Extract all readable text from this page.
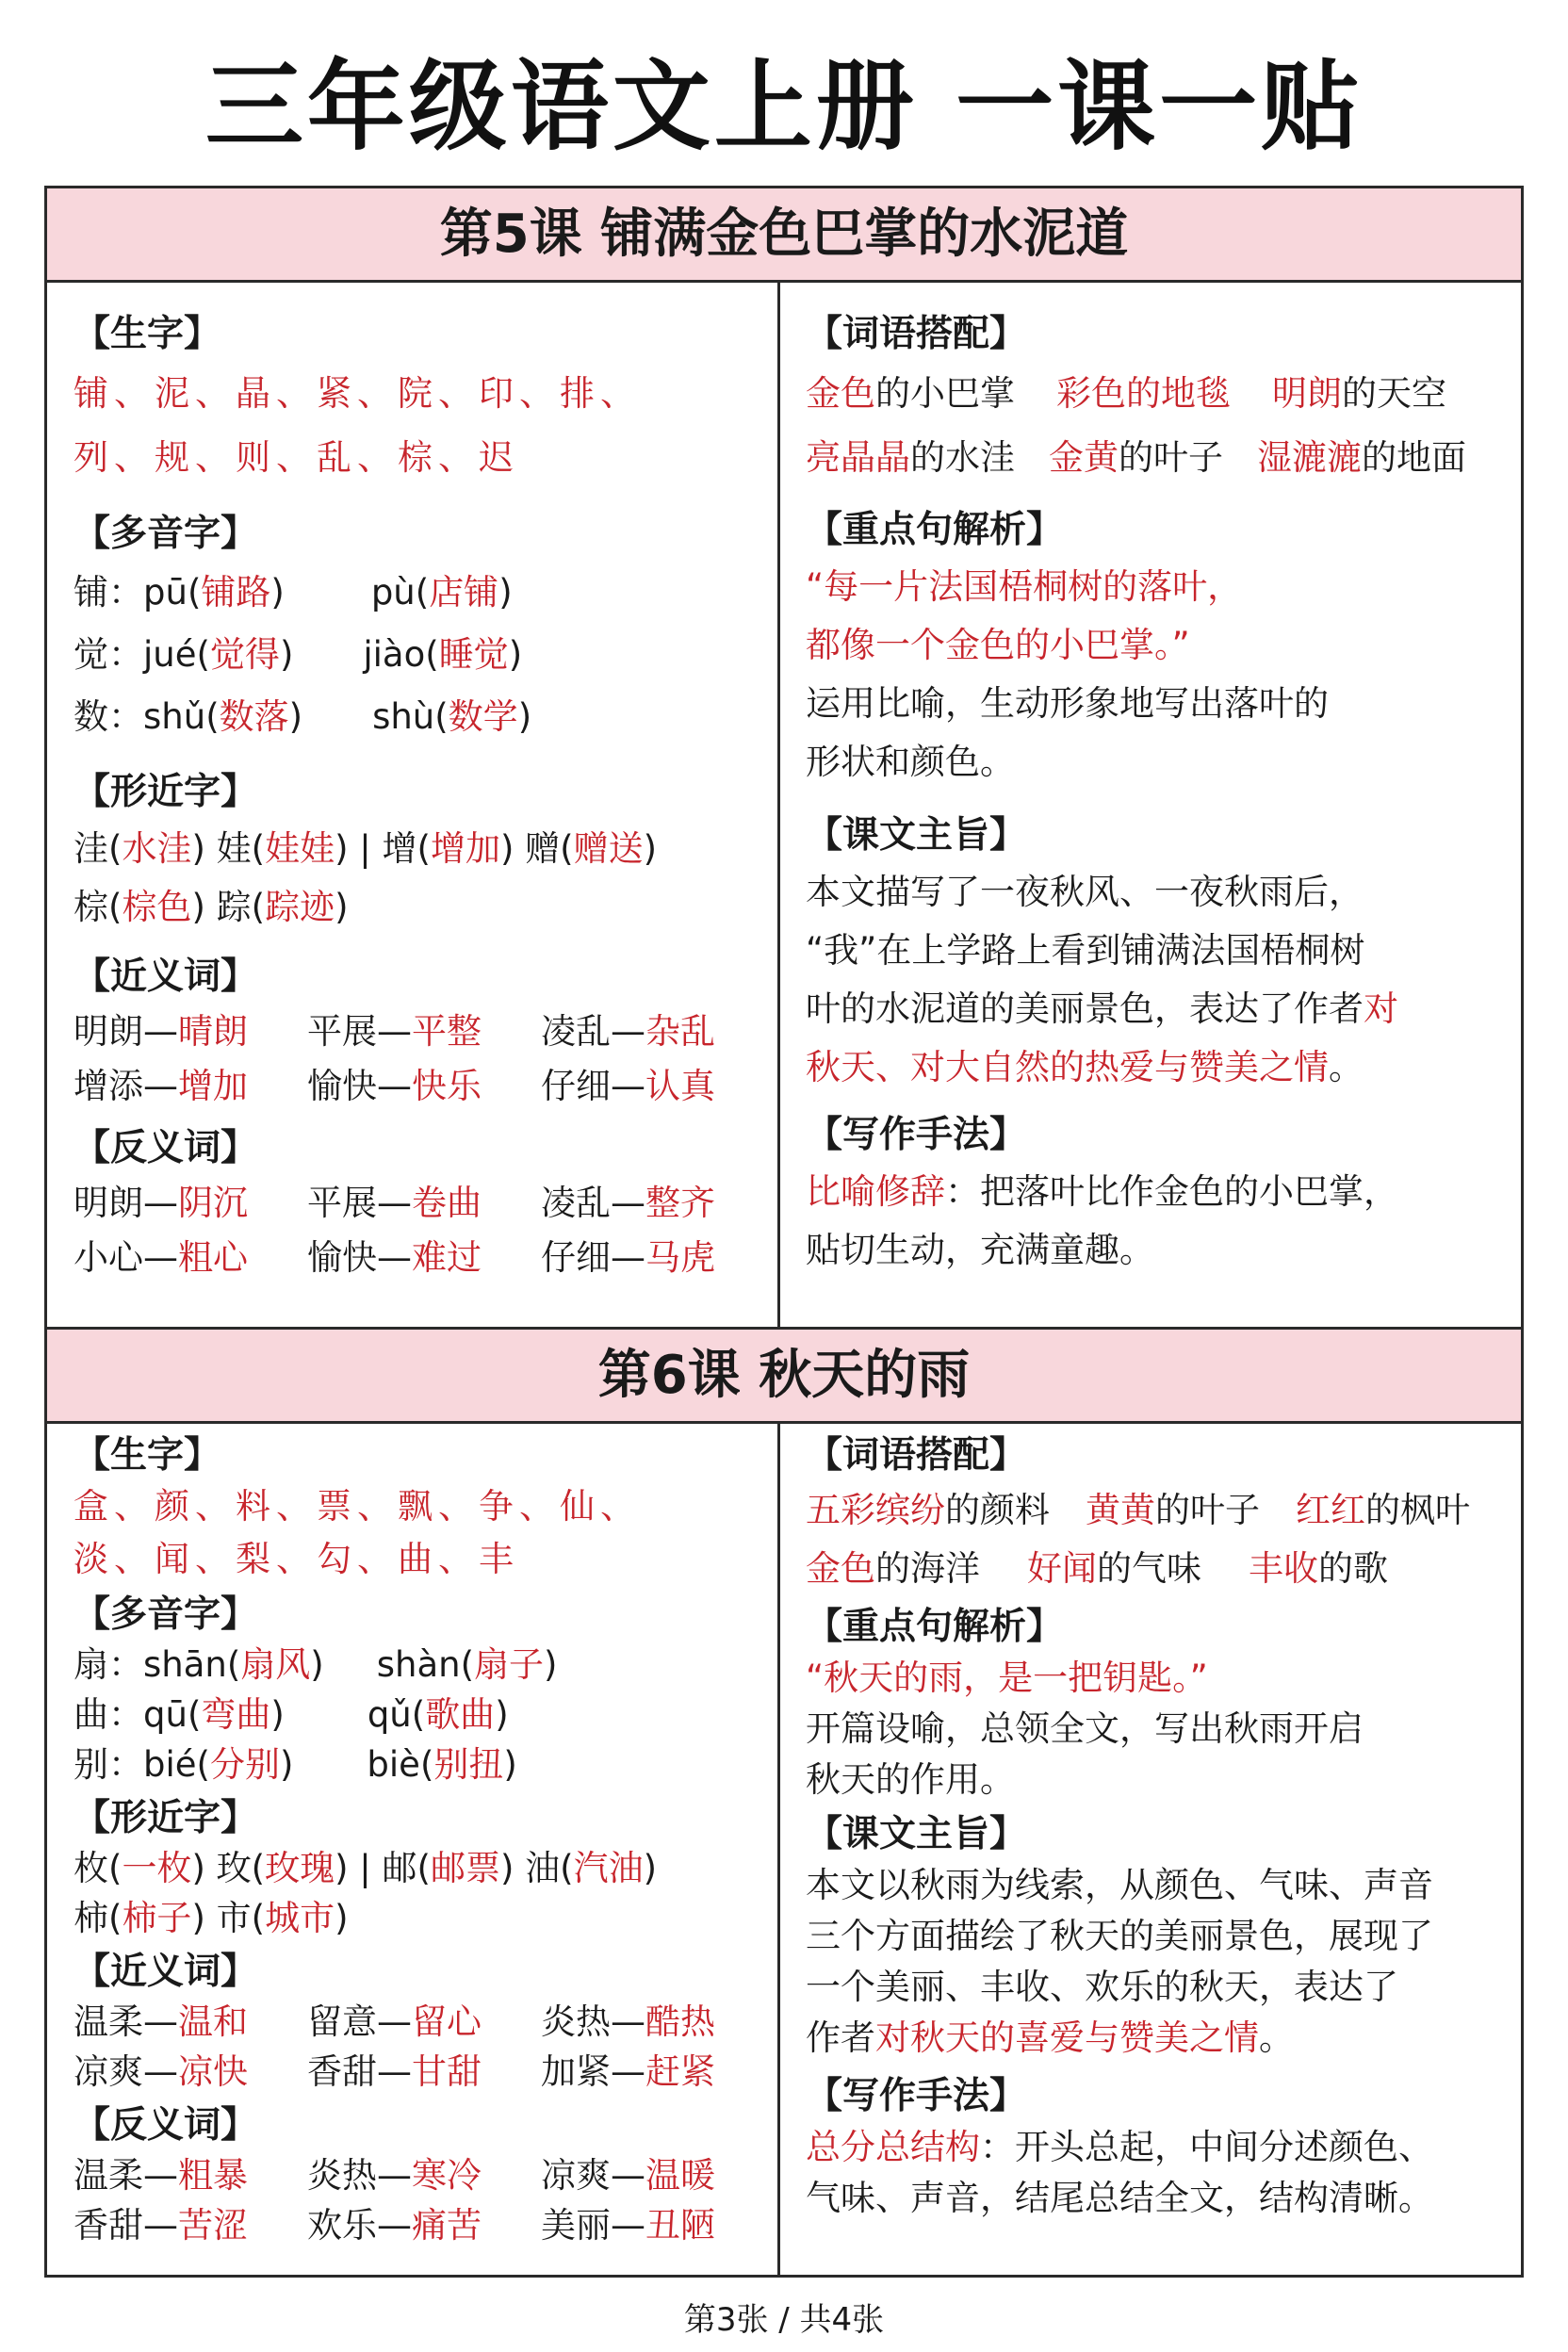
三年级语文上册 一课一贴
第5课 铺满金色巴掌的水泥道
【生字】
铺、泥、晶、紧、院、印、排、
列、规、则、乱、棕、迟
【多音字】
铺：pū(铺路) pù(店铺)
觉：jué(觉得) jiào(睡觉)
数：shǔ(数落) shù(数学)
【形近字】
洼(水洼) 娃(娃娃) | 增(增加) 赠(赠送)
棕(棕色) 踪(踪迹)
【近义词】
明朗—晴朗 平展—平整 凌乱—杂乱
增添—增加 愉快—快乐 仔细—认真
【反义词】
明朗—阴沉 平展—卷曲 凌乱—整齐
小心—粗心 愉快—难过 仔细—马虎
【词语搭配】
金色的小巴掌 彩色的地毯 明朗的天空
亮晶晶的水洼 金黄的叶子 湿漉漉的地面
【重点句解析】
“每一片法国梧桐树的落叶，
都像一个金色的小巴掌。”
运用比喻，生动形象地写出落叶的
形状和颜色。
【课文主旨】
本文描写了一夜秋风、一夜秋雨后，
“我”在上学路上看到铺满法国梧桐树
叶的水泥道的美丽景色，表达了作者对
秋天、对大自然的热爱与赞美之情。
【写作手法】
比喻修辞：把落叶比作金色的小巴掌，
贴切生动，充满童趣。
第6课 秋天的雨
【生字】
盒、颜、料、票、飘、争、仙、
淡、闻、梨、勾、曲、丰
【多音字】
扇：shān(扇风) shàn(扇子)
曲：qū(弯曲) qǔ(歌曲)
别：bié(分别) biè(别扭)
【形近字】
枚(一枚) 玫(玫瑰) | 邮(邮票) 油(汽油)
柿(柿子) 市(城市)
【近义词】
温柔—温和 留意—留心 炎热—酷热
凉爽—凉快 香甜—甘甜 加紧—赶紧
【反义词】
温柔—粗暴 炎热—寒冷 凉爽—温暖
香甜—苦涩 欢乐—痛苦 美丽—丑陋
【词语搭配】
五彩缤纷的颜料 黄黄的叶子 红红的枫叶
金色的海洋 好闻的气味 丰收的歌
【重点句解析】
“秋天的雨，是一把钥匙。”
开篇设喻，总领全文，写出秋雨开启
秋天的作用。
【课文主旨】
本文以秋雨为线索，从颜色、气味、声音
三个方面描绘了秋天的美丽景色，展现了
一个美丽、丰收、欢乐的秋天，表达了
作者对秋天的喜爱与赞美之情。
【写作手法】
总分总结构：开头总起，中间分述颜色、
气味、声音，结尾总结全文，结构清晰。
第3张 / 共4张
